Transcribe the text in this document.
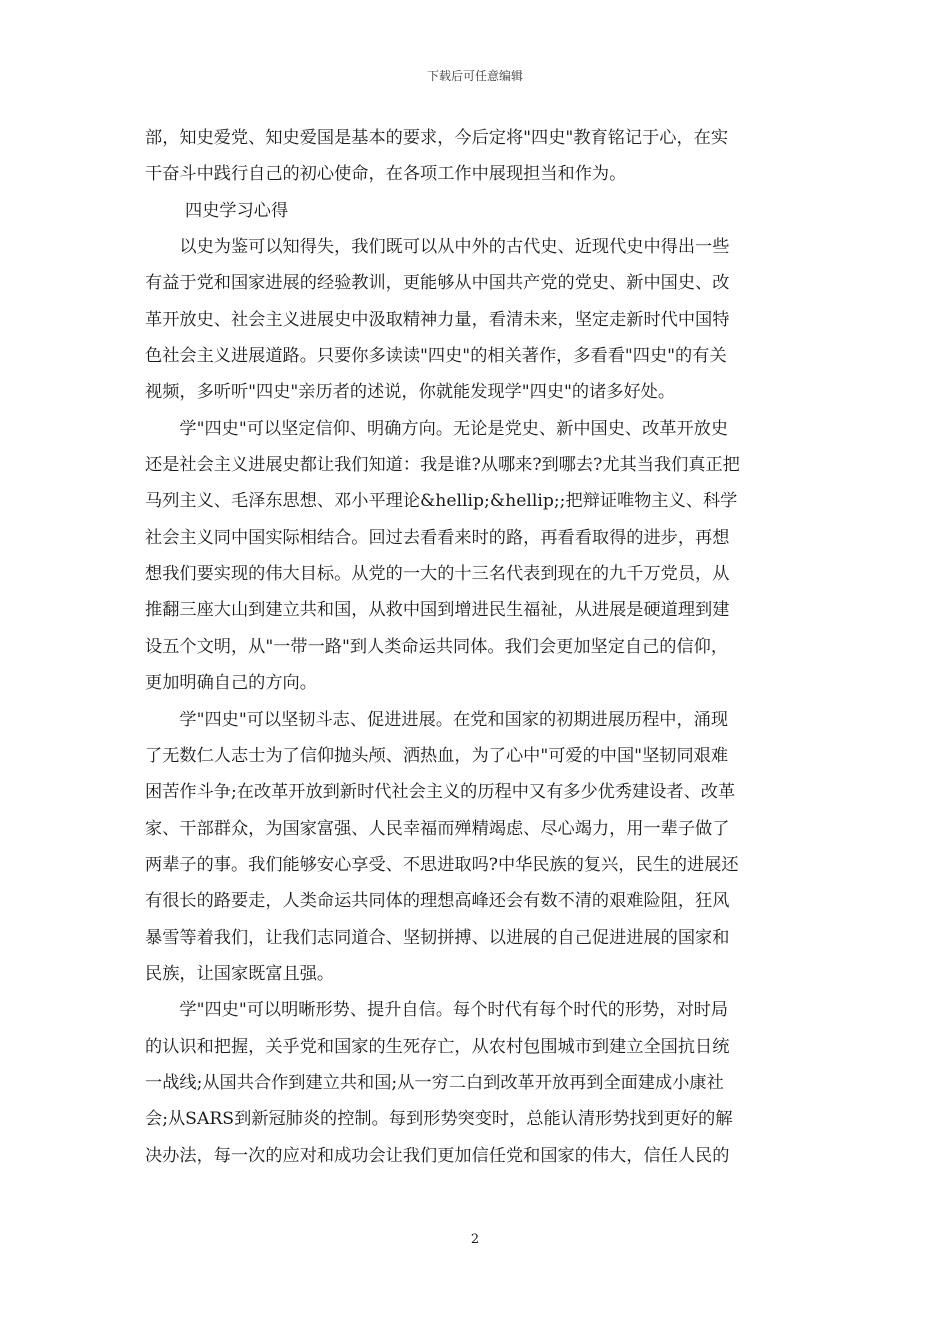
下载后可任意编辑
部，知史爱党、知史爱国是基本的要求，今后定将"四史"教育铭记于心，在实
干奋斗中践行自己的初心使命，在各项工作中展现担当和作为。
四史学习心得
　　以史为鉴可以知得失，我们既可以从中外的古代史、近现代史中得出一些
有益于党和国家进展的经验教训，更能够从中国共产党的党史、新中国史、改
革开放史、社会主义进展史中汲取精神力量，看清未来，坚定走新时代中国特
色社会主义进展道路。只要你多读读"四史"的相关著作，多看看"四史"的有关
视频，多听听"四史"亲历者的述说，你就能发现学"四史"的诸多好处。
　　学"四史"可以坚定信仰、明确方向。无论是党史、新中国史、改革开放史
还是社会主义进展史都让我们知道：我是谁?从哪来?到哪去?尤其当我们真正把
马列主义、毛泽东思想、邓小平理论&hellip;&hellip;;把辩证唯物主义、科学
社会主义同中国实际相结合。回过去看看来时的路，再看看取得的进步，再想
想我们要实现的伟大目标。从党的一大的十三名代表到现在的九千万党员，从
推翻三座大山到建立共和国，从救中国到增进民生福祉，从进展是硬道理到建
设五个文明，从"一带一路"到人类命运共同体。我们会更加坚定自己的信仰，
更加明确自己的方向。
　　学"四史"可以坚韧斗志、促进进展。在党和国家的初期进展历程中，涌现
了无数仁人志士为了信仰抛头颅、洒热血，为了心中"可爱的中国"坚韧同艰难
困苦作斗争;在改革开放到新时代社会主义的历程中又有多少优秀建设者、改革
家、干部群众，为国家富强、人民幸福而殚精竭虑、尽心竭力，用一辈子做了
两辈子的事。我们能够安心享受、不思进取吗?中华民族的复兴，民生的进展还
有很长的路要走，人类命运共同体的理想高峰还会有数不清的艰难险阻，狂风
暴雪等着我们，让我们志同道合、坚韧拼搏、以进展的自己促进进展的国家和
民族，让国家既富且强。
　　学"四史"可以明晰形势、提升自信。每个时代有每个时代的形势，对时局
的认识和把握，关乎党和国家的生死存亡，从农村包围城市到建立全国抗日统
一战线;从国共合作到建立共和国;从一穷二白到改革开放再到全面建成小康社
会;从SARS到新冠肺炎的控制。每到形势突变时，总能认清形势找到更好的解
决办法，每一次的应对和成功会让我们更加信任党和国家的伟大，信任人民的
2
